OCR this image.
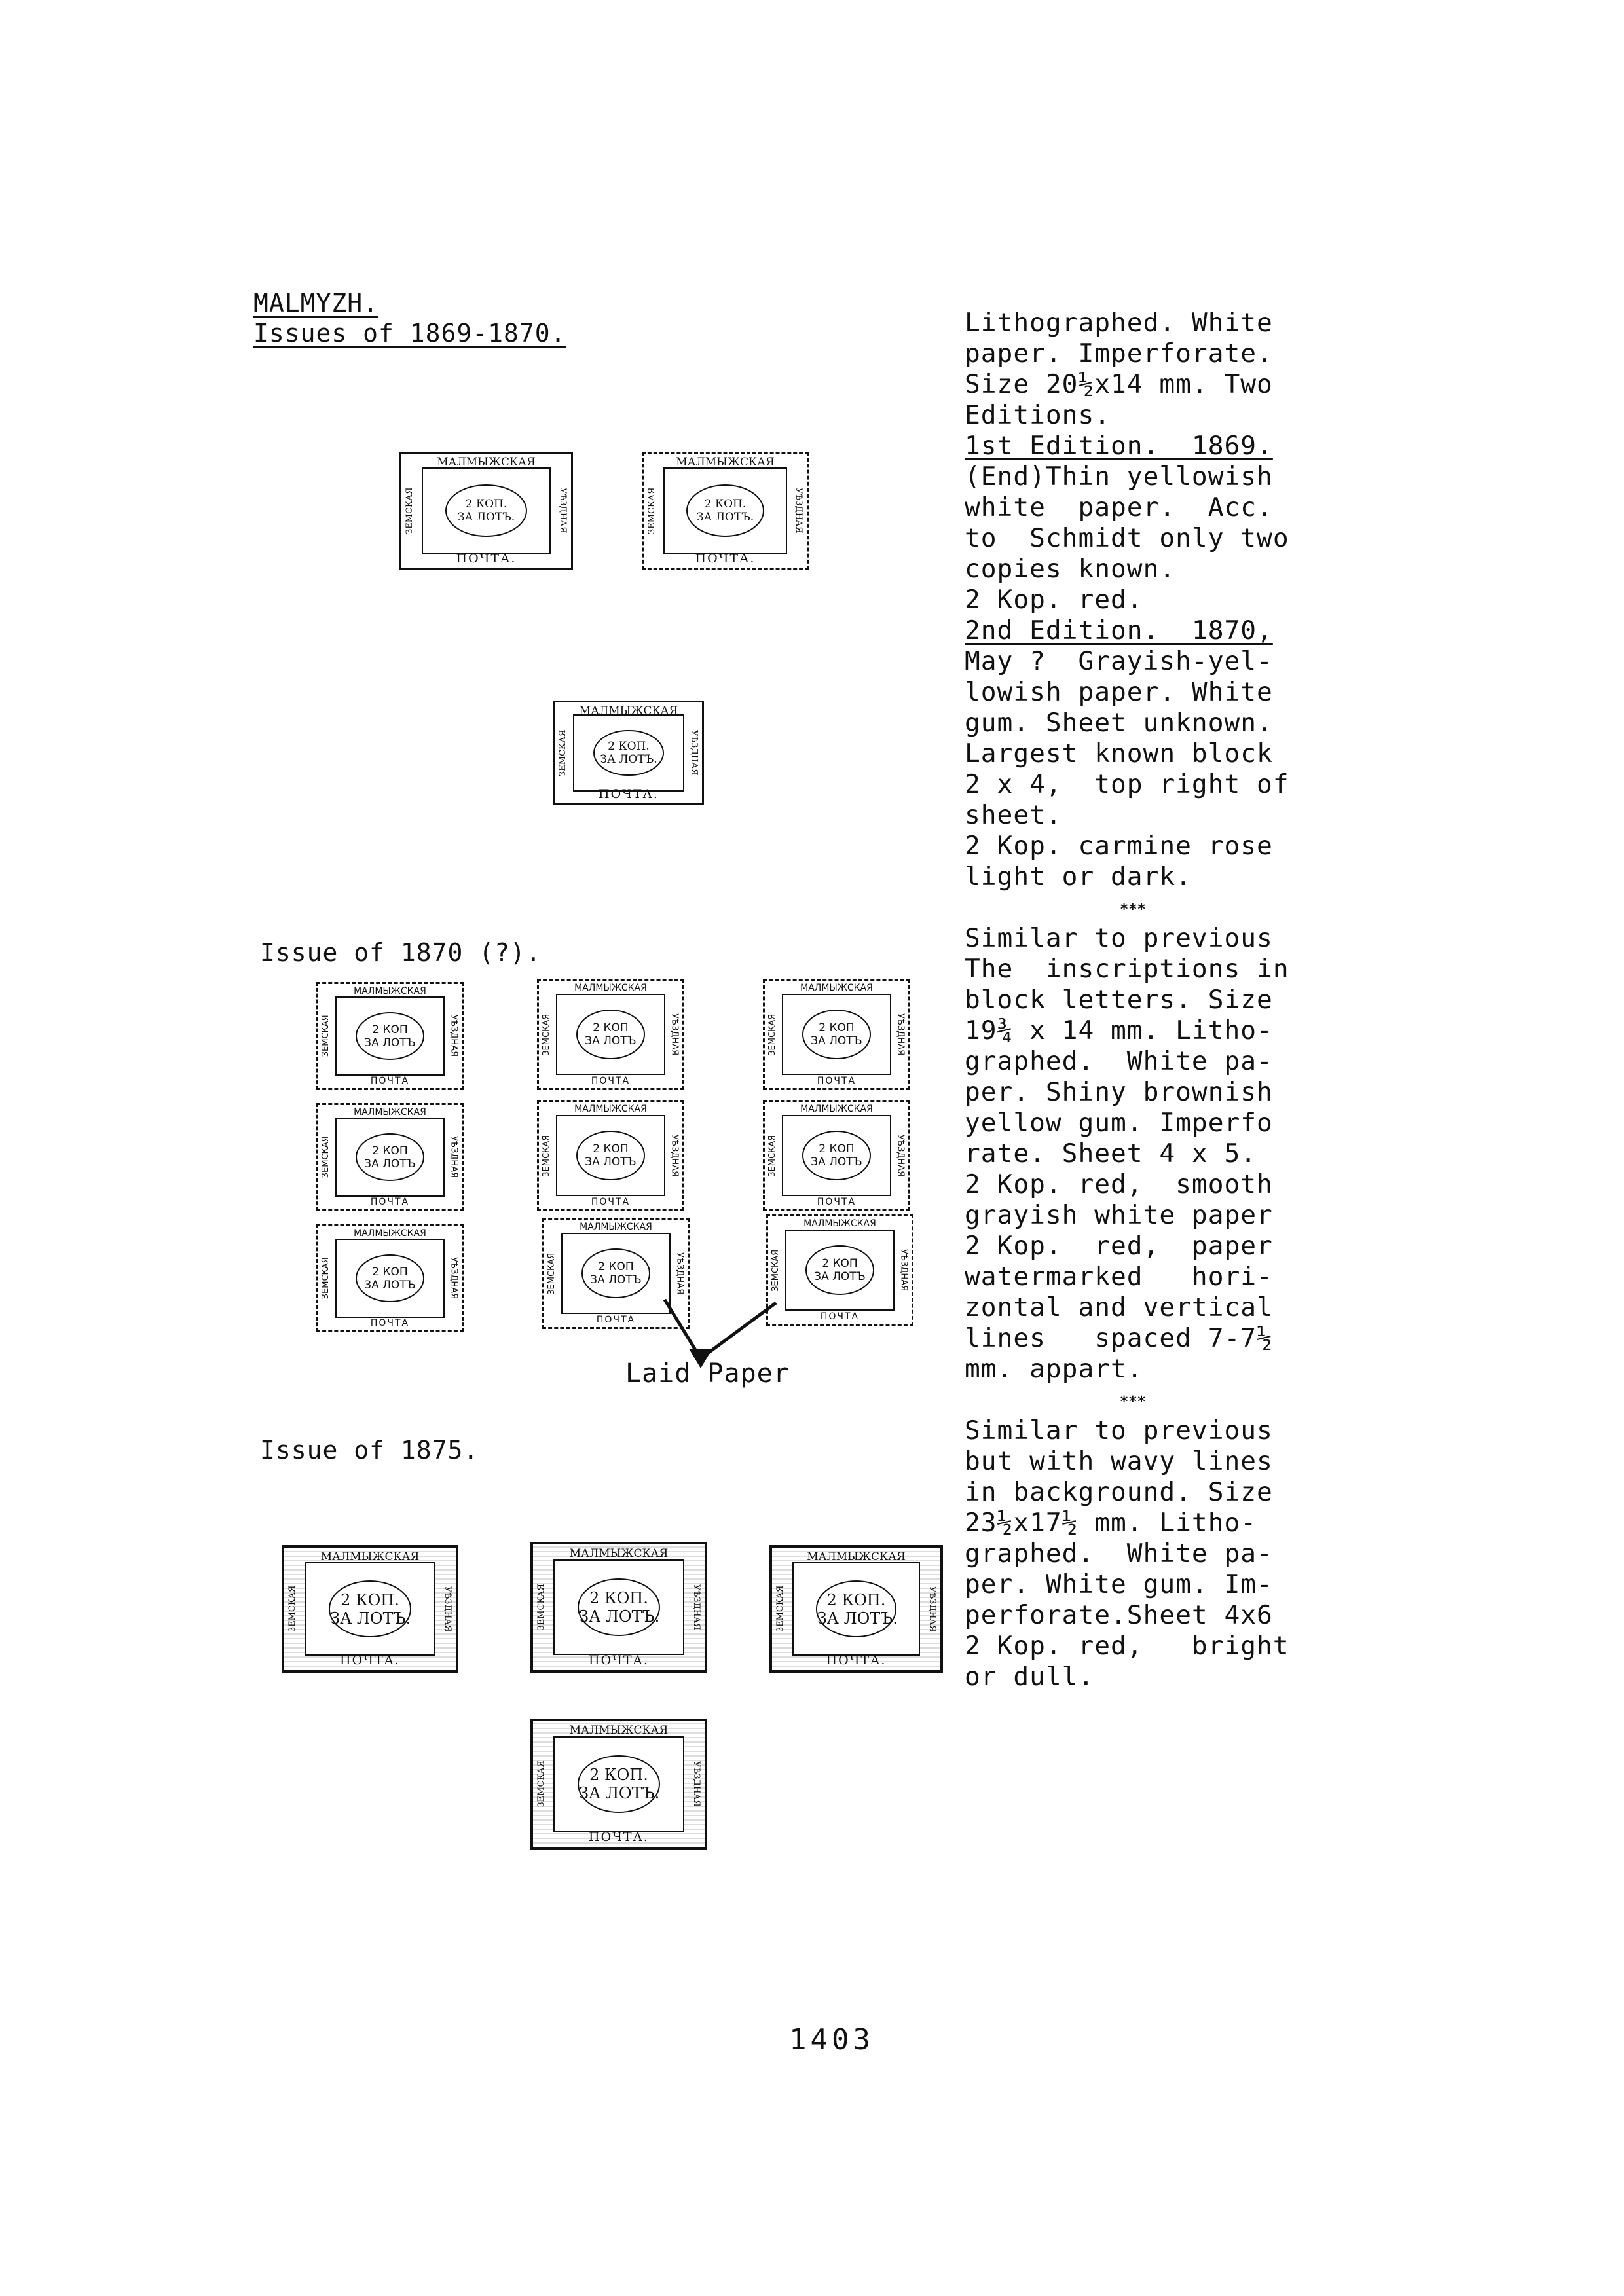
MALMYZH.
Issues of 1869-1870.
Issue of 1870 (?).
Issue of 1875.
Lithographed. White
paper. Imperforate.
Size 20½x14 mm. Two
Editions.
1st Edition.  1869.
(End)Thin yellowish
white  paper.  Acc.
to  Schmidt only two
copies known.
2 Kop. red.
2nd Edition.  1870,
May ?  Grayish-yel-
lowish paper. White
gum. Sheet unknown.
Largest known block
2 x 4,  top right of
sheet.
2 Kop. carmine rose
light or dark.
***
Similar to previous
The  inscriptions in
block letters. Size
19¾ x 14 mm. Litho-
graphed.  White pa-
per. Shiny brownish
yellow gum. Imperfo
rate. Sheet 4 x 5.
2 Kop. red,  smooth
grayish white paper
2 Kop.  red,  paper
watermarked   hori-
zontal and vertical
lines   spaced 7-7½
mm. appart.
***
Similar to previous
but with wavy lines
in background. Size
23½x17½ mm. Litho-
graphed.  White pa-
per. White gum. Im-
perforate.Sheet 4x6
2 Kop. red,   bright
or dull.
МАЛМЫЖСКАЯ
ЗЕМСКАЯ	УѢЗДНАЯ
2 КОП.
ЗА ЛОТЪ.
ПОЧТА.
МАЛМЫЖСКАЯ
ЗЕМСКАЯ	УѢЗДНАЯ
2 КОП.
ЗА ЛОТЪ.
ПОЧТА.
МАЛМЫЖСКАЯ
ЗЕМСКАЯ	УѢЗДНАЯ
2 КОП.
ЗА ЛОТЪ.
ПОЧТА.
МАЛМЫЖСКАЯ
ЗЕМСКАЯ	УѢЗДНАЯ
2 КОП
ЗА ЛОТЪ
ПОЧТА
МАЛМЫЖСКАЯ
ЗЕМСКАЯ	УѢЗДНАЯ
2 КОП
ЗА ЛОТЪ
ПОЧТА
МАЛМЫЖСКАЯ
ЗЕМСКАЯ	УѢЗДНАЯ
2 КОП
ЗА ЛОТЪ
ПОЧТА
МАЛМЫЖСКАЯ
ЗЕМСКАЯ	УѢЗДНАЯ
2 КОП
ЗА ЛОТЪ
ПОЧТА
МАЛМЫЖСКАЯ
ЗЕМСКАЯ	УѢЗДНАЯ
2 КОП
ЗА ЛОТЪ
ПОЧТА
МАЛМЫЖСКАЯ
ЗЕМСКАЯ	УѢЗДНАЯ
2 КОП
ЗА ЛОТЪ
ПОЧТА
МАЛМЫЖСКАЯ
ЗЕМСКАЯ	УѢЗДНАЯ
2 КОП
ЗА ЛОТЪ
ПОЧТА
МАЛМЫЖСКАЯ
ЗЕМСКАЯ	УѢЗДНАЯ
2 КОП
ЗА ЛОТЪ
ПОЧТА
МАЛМЫЖСКАЯ
ЗЕМСКАЯ	УѢЗДНАЯ
2 КОП
ЗА ЛОТЪ
ПОЧТА
Laid Paper
МАЛМЫЖСКАЯ
ЗЕМСКАЯ	УѢЗДНАЯ
2 КОП.
ЗА ЛОТЪ.
ПОЧТА.
МАЛМЫЖСКАЯ
ЗЕМСКАЯ	УѢЗДНАЯ
2 КОП.
ЗА ЛОТЪ.
ПОЧТА.
МАЛМЫЖСКАЯ
ЗЕМСКАЯ	УѢЗДНАЯ
2 КОП.
ЗА ЛОТЪ.
ПОЧТА.
МАЛМЫЖСКАЯ
ЗЕМСКАЯ	УѢЗДНАЯ
2 КОП.
ЗА ЛОТЪ.
ПОЧТА.
1403
